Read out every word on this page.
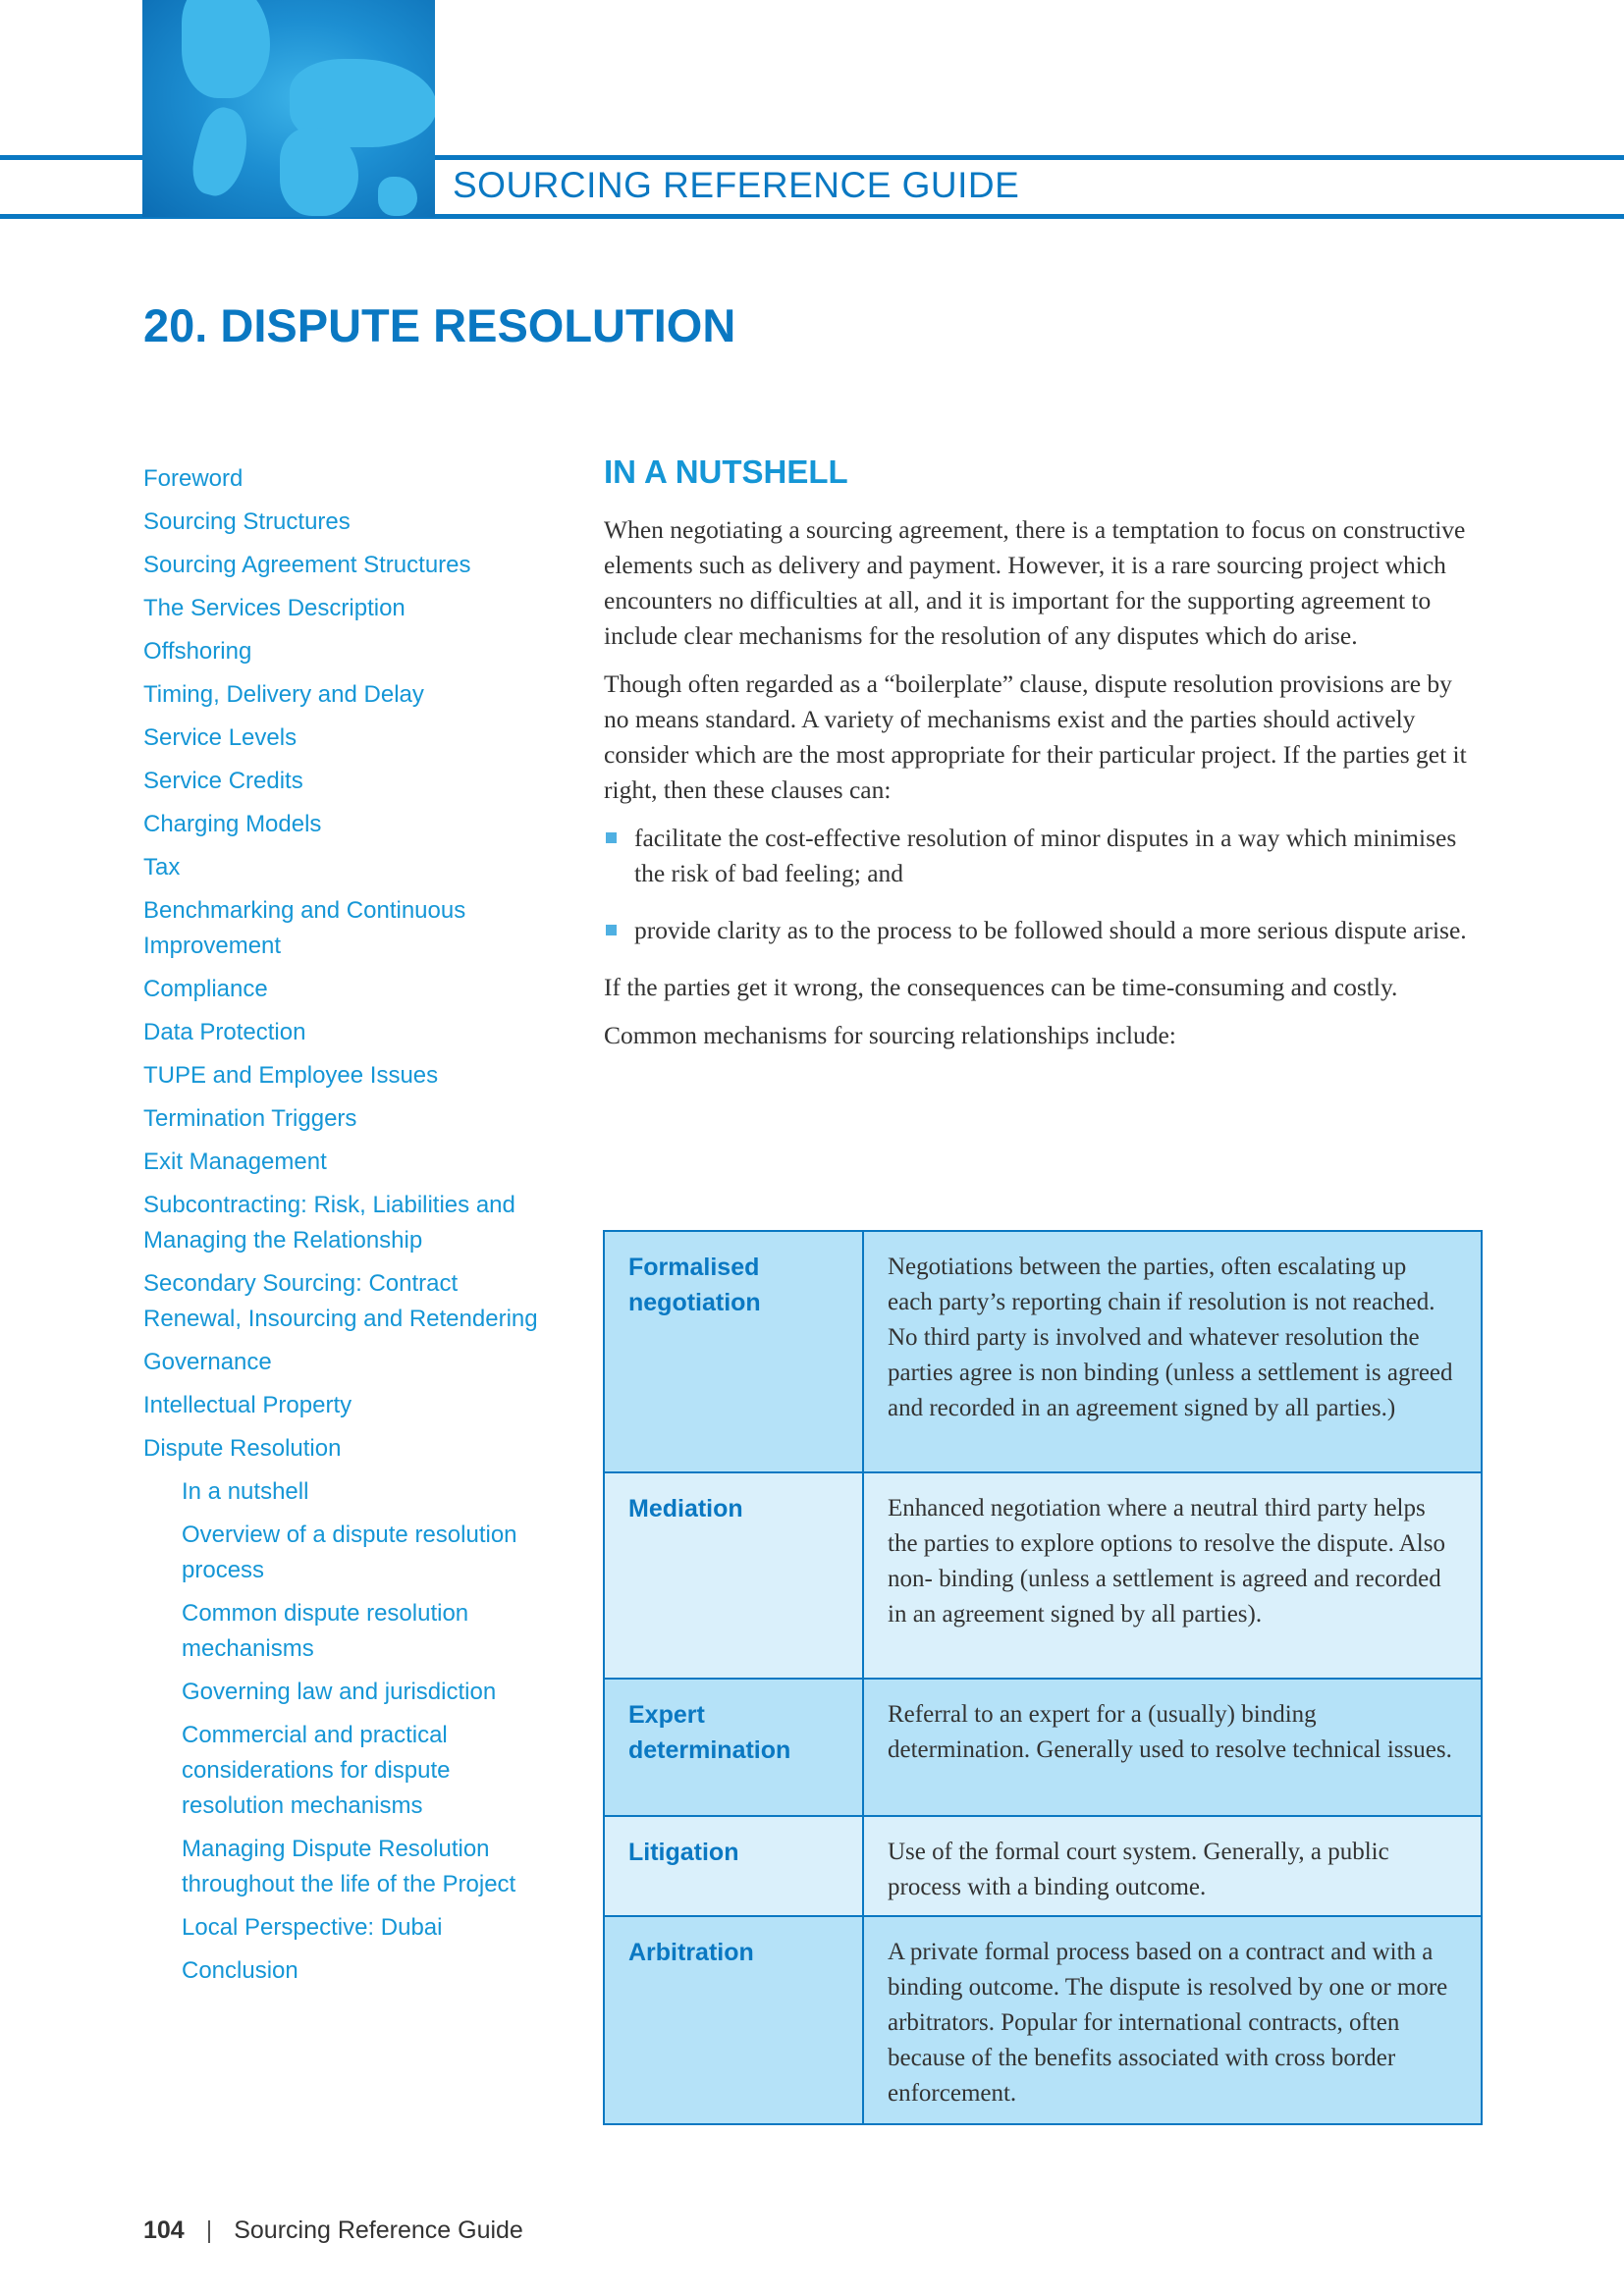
SOURCING REFERENCE GUIDE
20. DISPUTE RESOLUTION
Foreword
Sourcing Structures
Sourcing Agreement Structures
The Services Description
Offshoring
Timing, Delivery and Delay
Service Levels
Service Credits
Charging Models
Tax
Benchmarking and Continuous Improvement
Compliance
Data Protection
TUPE and Employee Issues
Termination Triggers
Exit Management
Subcontracting: Risk, Liabilities and Managing the Relationship
Secondary Sourcing: Contract Renewal, Insourcing and Retendering
Governance
Intellectual Property
Dispute Resolution
In a nutshell
Overview of a dispute resolution process
Common dispute resolution mechanisms
Governing law and jurisdiction
Commercial and practical considerations for dispute resolution mechanisms
Managing Dispute Resolution throughout the life of the Project
Local Perspective: Dubai
Conclusion
IN A NUTSHELL

When negotiating a sourcing agreement, there is a temptation to focus on constructive elements such as delivery and payment. However, it is a rare sourcing project which encounters no difficulties at all, and it is important for the supporting agreement to include clear mechanisms for the resolution of any disputes which do arise.

Though often regarded as a “boilerplate” clause, dispute resolution provisions are by no means standard. A variety of mechanisms exist and the parties should actively consider which are the most appropriate for their particular project. If the parties get it right, then these clauses can:

facilitate the cost-effective resolution of minor disputes in a way which minimises the risk of bad feeling; and
provide clarity as to the process to be followed should a more serious dispute arise.

If the parties get it wrong, the consequences can be time-consuming and costly.

Common mechanisms for sourcing relationships include:

Formalised negotiation	Negotiations between the parties, often escalating up each party’s reporting chain if resolution is not reached. No third party is involved and whatever resolution the parties agree is non binding (unless a settlement is agreed and recorded in an agreement signed by all parties.)
Mediation	Enhanced negotiation where a neutral third party helps the parties to explore options to resolve the dispute. Also non- binding (unless a settlement is agreed and recorded in an agreement signed by all parties).
Expert determination	Referral to an expert for a (usually) binding determination. Generally used to resolve technical issues.
Litigation	Use of the formal court system. Generally, a public process with a binding outcome.
Arbitration	A private formal process based on a contract and with a binding outcome. The dispute is resolved by one or more arbitrators. Popular for international contracts, often because of the benefits associated with cross border enforcement.
104 | Sourcing Reference Guide
